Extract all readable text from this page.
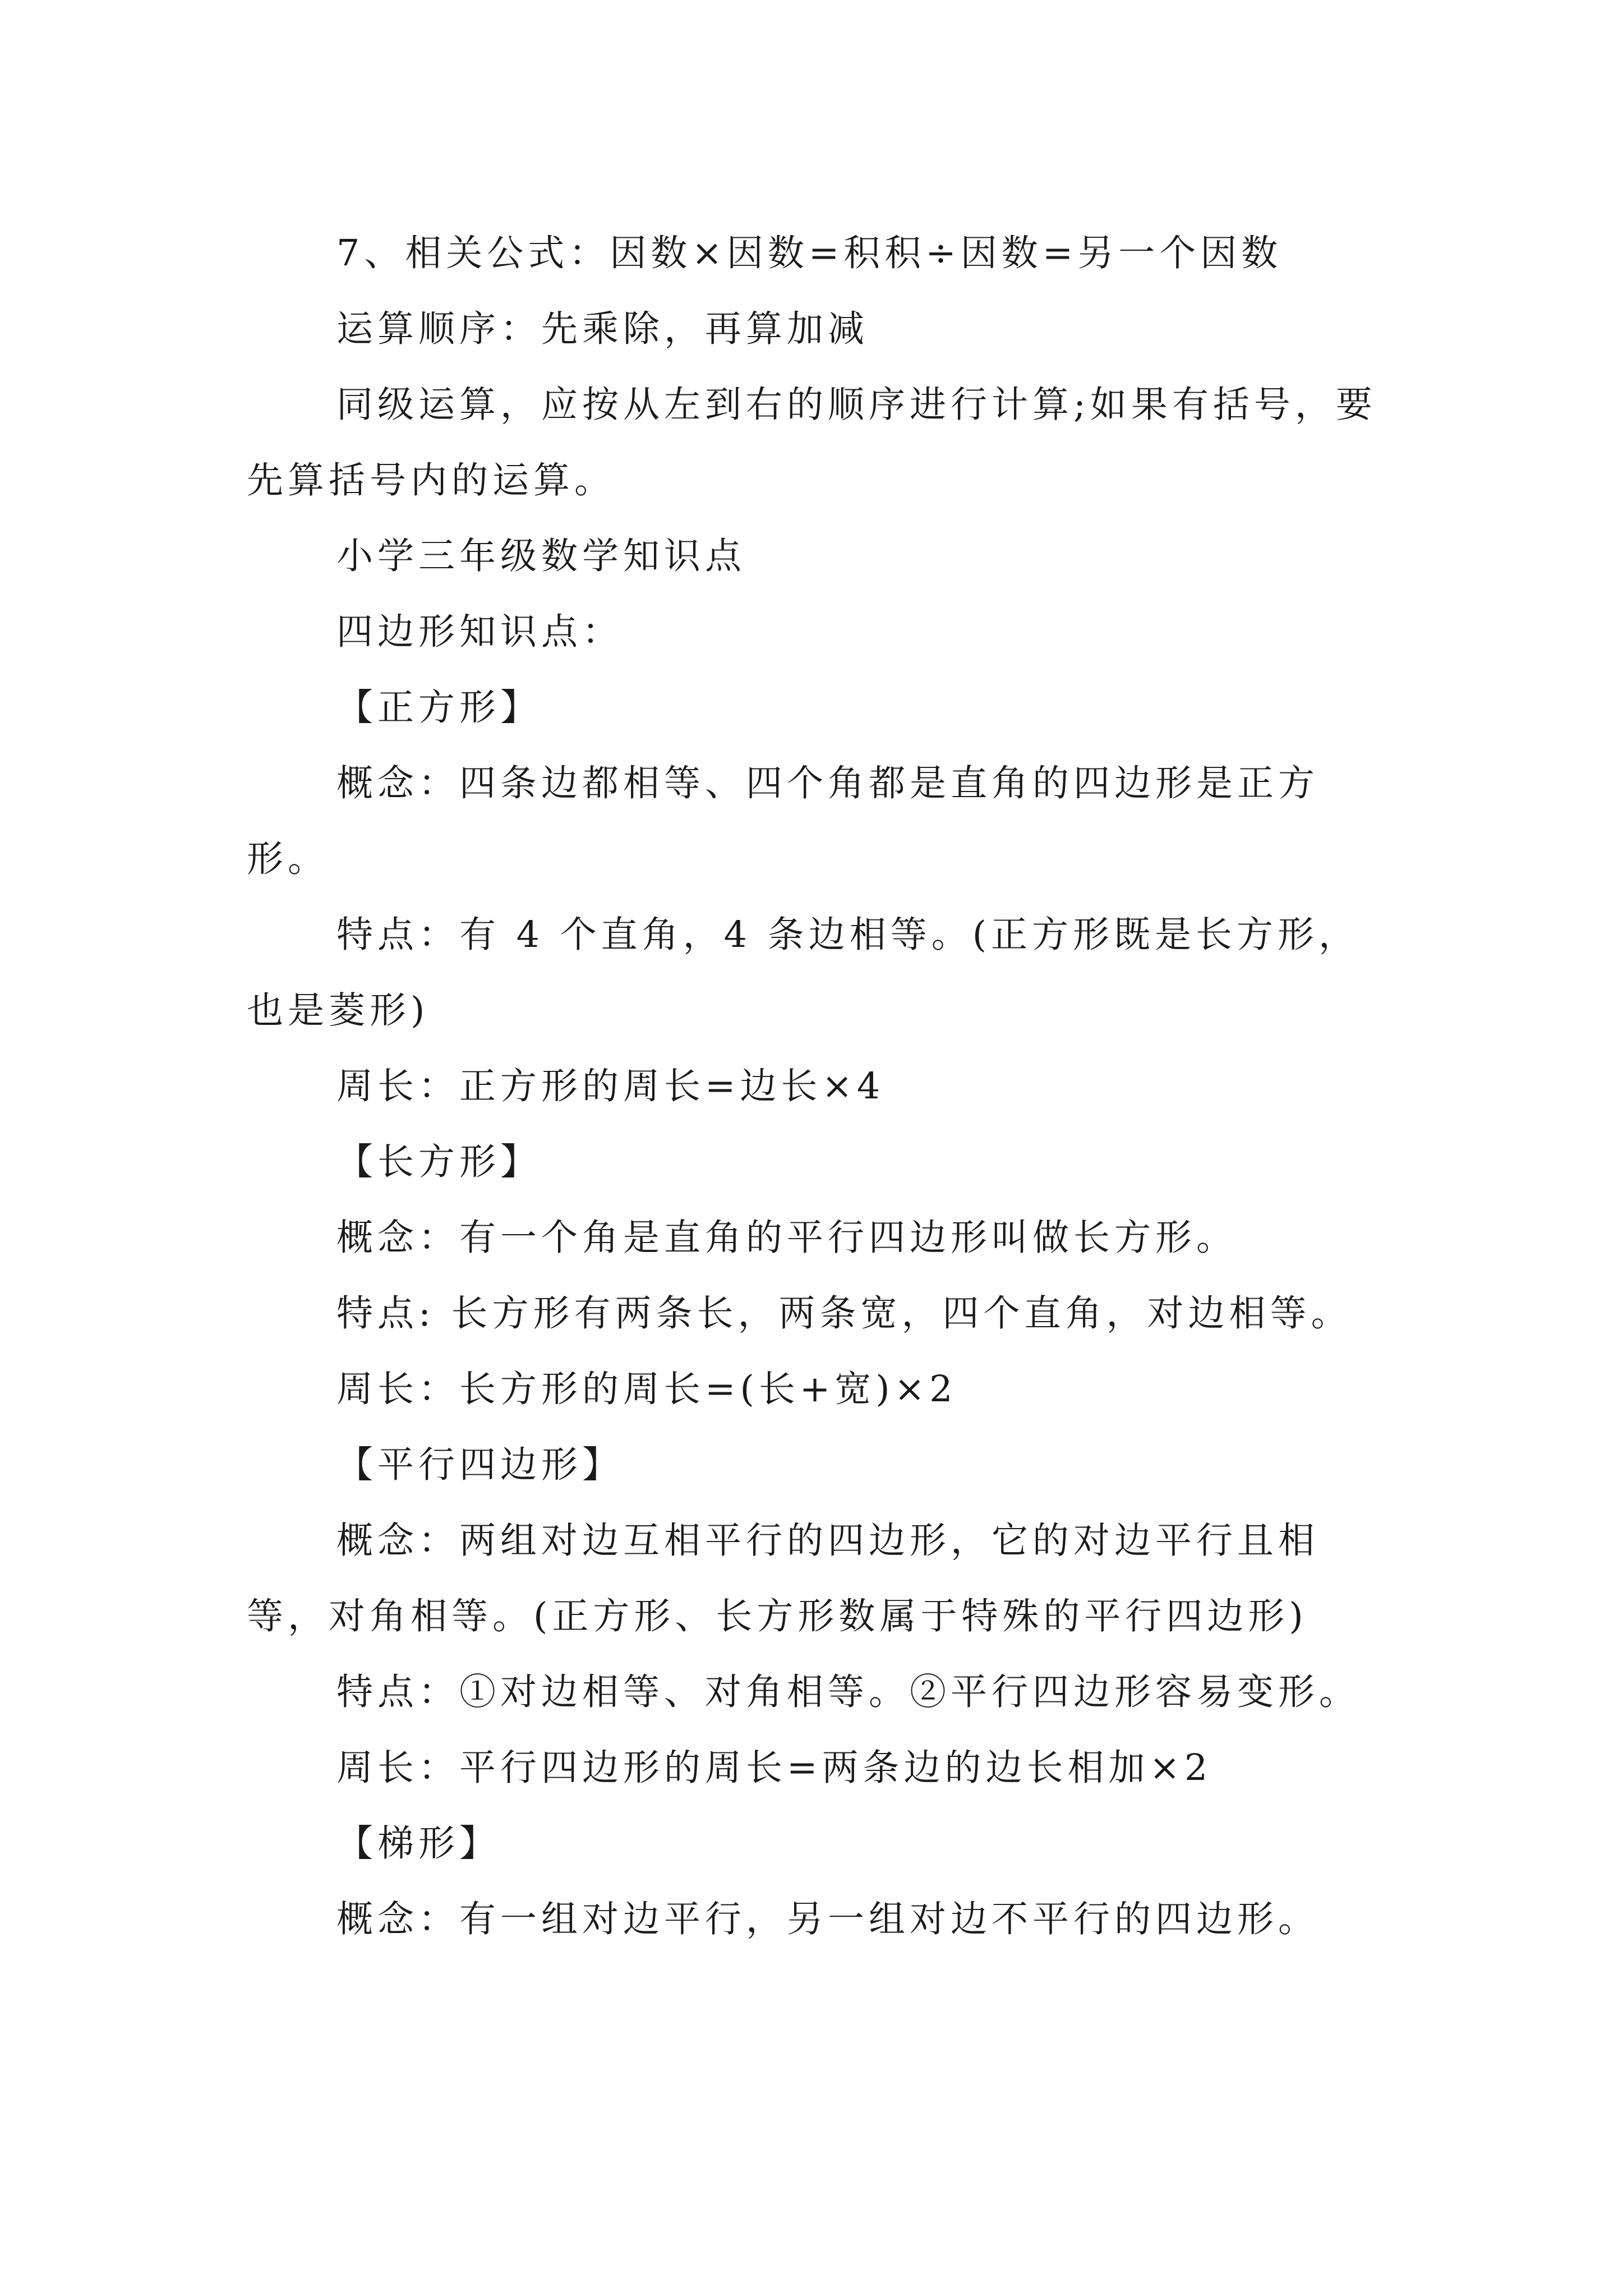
7、相关公式：因数×因数=积积÷因数=另一个因数

运算顺序：先乘除，再算加减

同级运算，应按从左到右的顺序进行计算;如果有括号，要先算括号内的运算。

小学三年级数学知识点

四边形知识点：

【正方形】

概念：四条边都相等、四个角都是直角的四边形是正方形。

特点：有 4 个直角，4 条边相等。(正方形既是长方形，也是菱形)

周长：正方形的周长=边长×4

【长方形】

概念：有一个角是直角的平行四边形叫做长方形。

特点: 长方形有两条长，两条宽，四个直角，对边相等。

周长：长方形的周长=(长+宽)×2

【平行四边形】

概念：两组对边互相平行的四边形，它的对边平行且相等，对角相等。(正方形、长方形数属于特殊的平行四边形)

特点：①对边相等、对角相等。②平行四边形容易变形。

周长：平行四边形的周长=两条边的边长相加×2

【梯形】

概念：有一组对边平行，另一组对边不平行的四边形。
